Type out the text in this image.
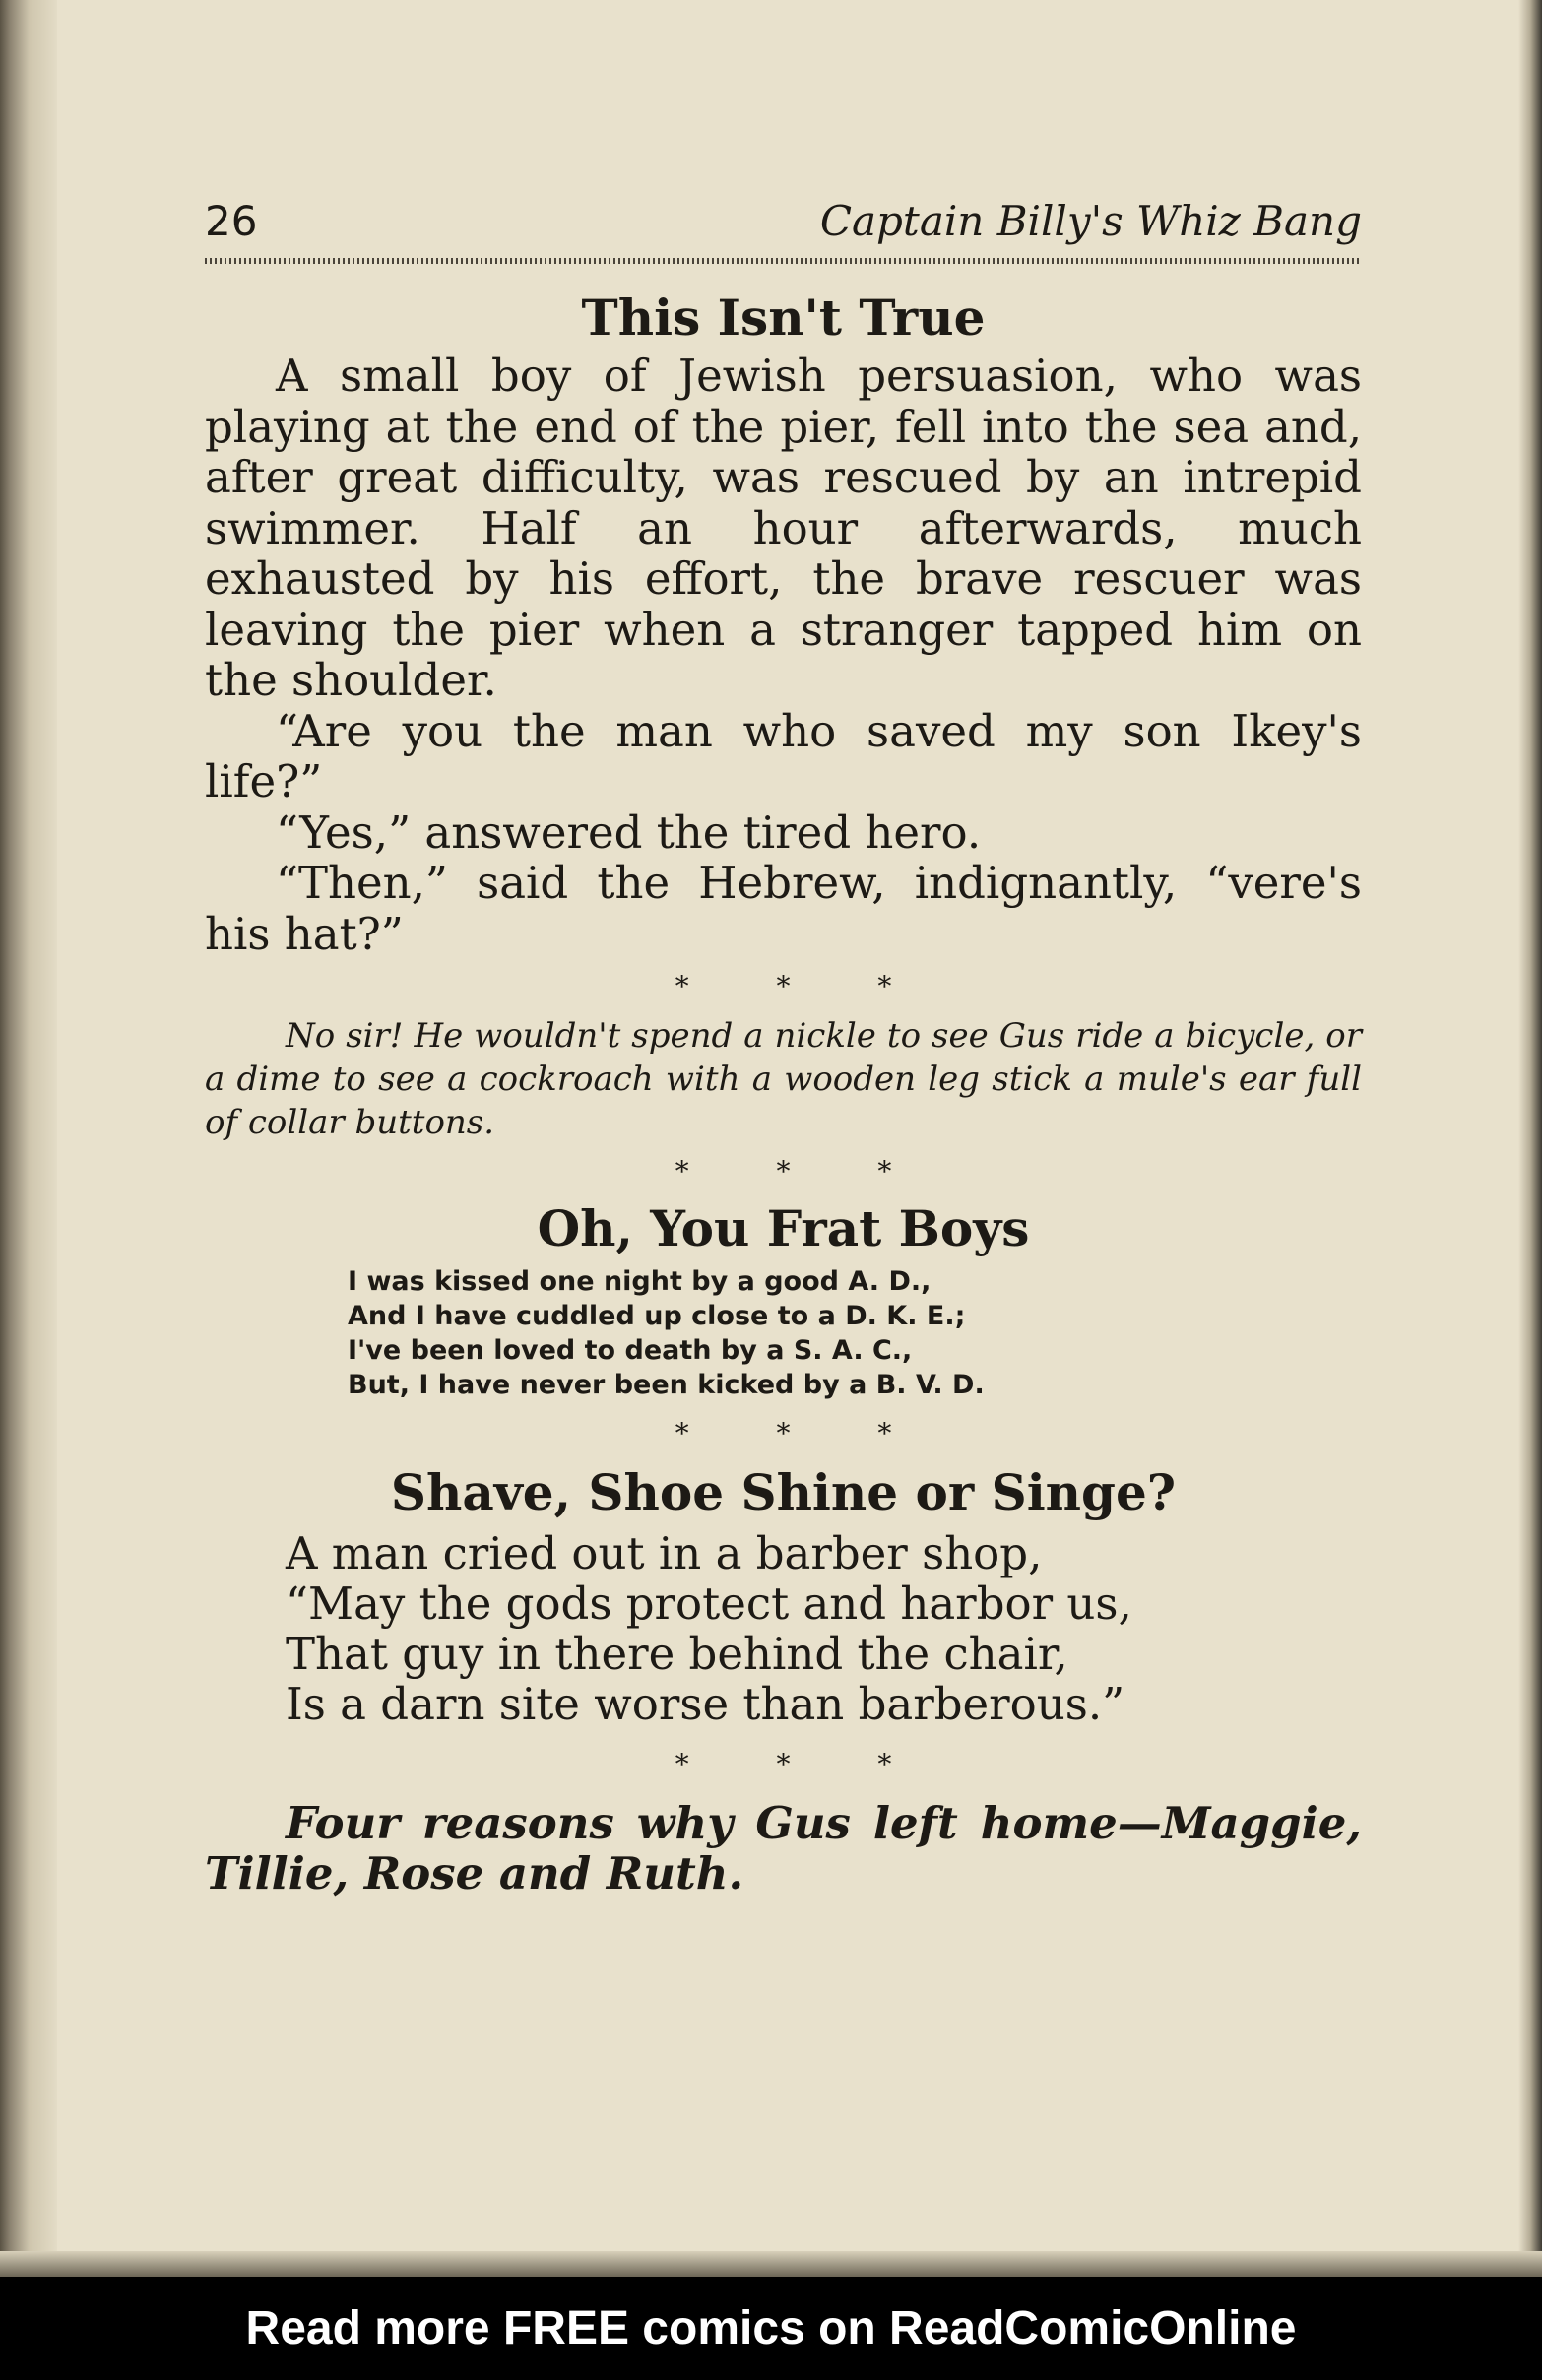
26	Captain Billy's Whiz Bang
This Isn't True

A small boy of Jewish persuasion, who was playing at the end of the pier, fell into the sea and, after great difficulty, was rescued by an intrepid swimmer. Half an hour afterwards, much exhausted by his effort, the brave rescuer was leaving the pier when a stranger tapped him on the shoulder.

“Are you the man who saved my son Ikey's life?”

“Yes,” answered the tired hero.

“Then,” said the Hebrew, indignantly, “vere's his hat?”

* * *

No sir! He wouldn't spend a nickle to see Gus ride a bicycle, or a dime to see a cockroach with a wooden leg stick a mule's ear full of collar buttons.

* * *
Oh, You Frat Boys
I was kissed one night by a good A. D.,
And I have cuddled up close to a D. K. E.;
I've been loved to death by a S. A. C.,
But, I have never been kicked by a B. V. D.
* * *
Shave, Shoe Shine or Singe?
A man cried out in a barber shop,
“May the gods protect and harbor us,
That guy in there behind the chair,
Is a darn site worse than barberous.”
* * *

Four reasons why Gus left home—Maggie, Tillie, Rose and Ruth.

Read more FREE comics on ReadComicOnline
